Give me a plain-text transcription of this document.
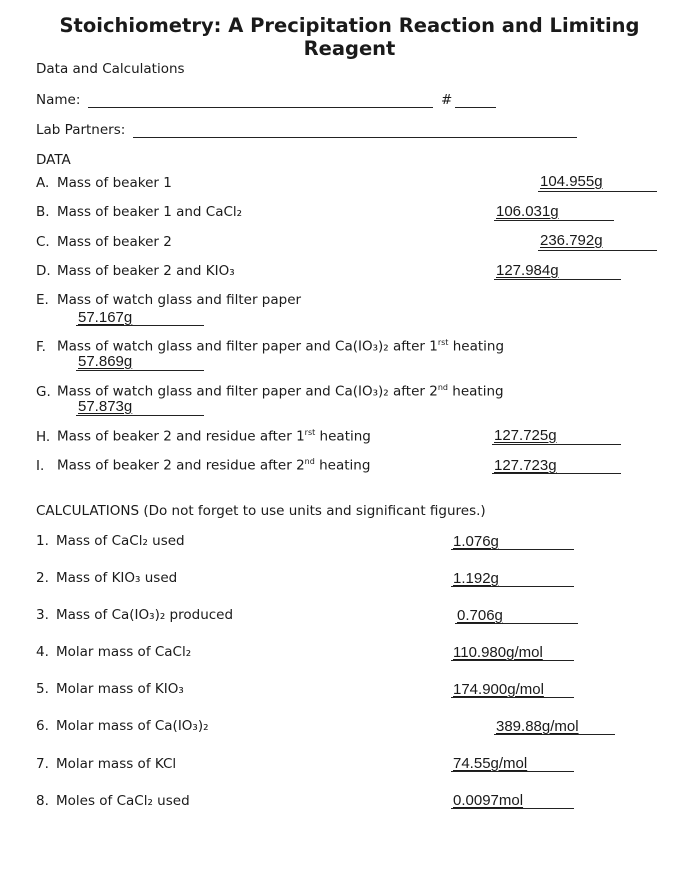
Stoichiometry: A Precipitation Reaction and Limiting
Reagent
Data and Calculations
Name:	#
Lab Partners:
DATA
A. Mass of beaker 1	104.955g
B. Mass of beaker 1 and CaCl₂	106.031g
C. Mass of beaker 2	236.792g
D. Mass of beaker 2 and KIO₃	127.984g
E. Mass of watch glass and filter paper
57.167g
F. Mass of watch glass and filter paper and Ca(IO₃)₂ after $1^{rst}$ heating
57.869g
G. Mass of watch glass and filter paper and Ca(IO₃)₂ after 2nd heating
57.873g
H. Mass of beaker 2 and residue after $1^{rst}$ heating	127.725g
I. Mass of beaker 2 and residue after 2nd heating	127.723g
CALCULATIONS (Do not forget to use units and significant figures.)
1. Mass of CaCl₂ used	1.076g
2. Mass of KIO₃ used	1.192g
3. Mass of Ca(IO₃)₂ produced	0.706g
4. Molar mass of CaCl₂	110.980g/mol
5. Molar mass of KIO₃	174.900g/mol
6. Molar mass of Ca(IO₃)₂	389.88g/mol
7. Molar mass of KCl	74.55g/mol
8. Moles of CaCl₂ used	0.0097mol
